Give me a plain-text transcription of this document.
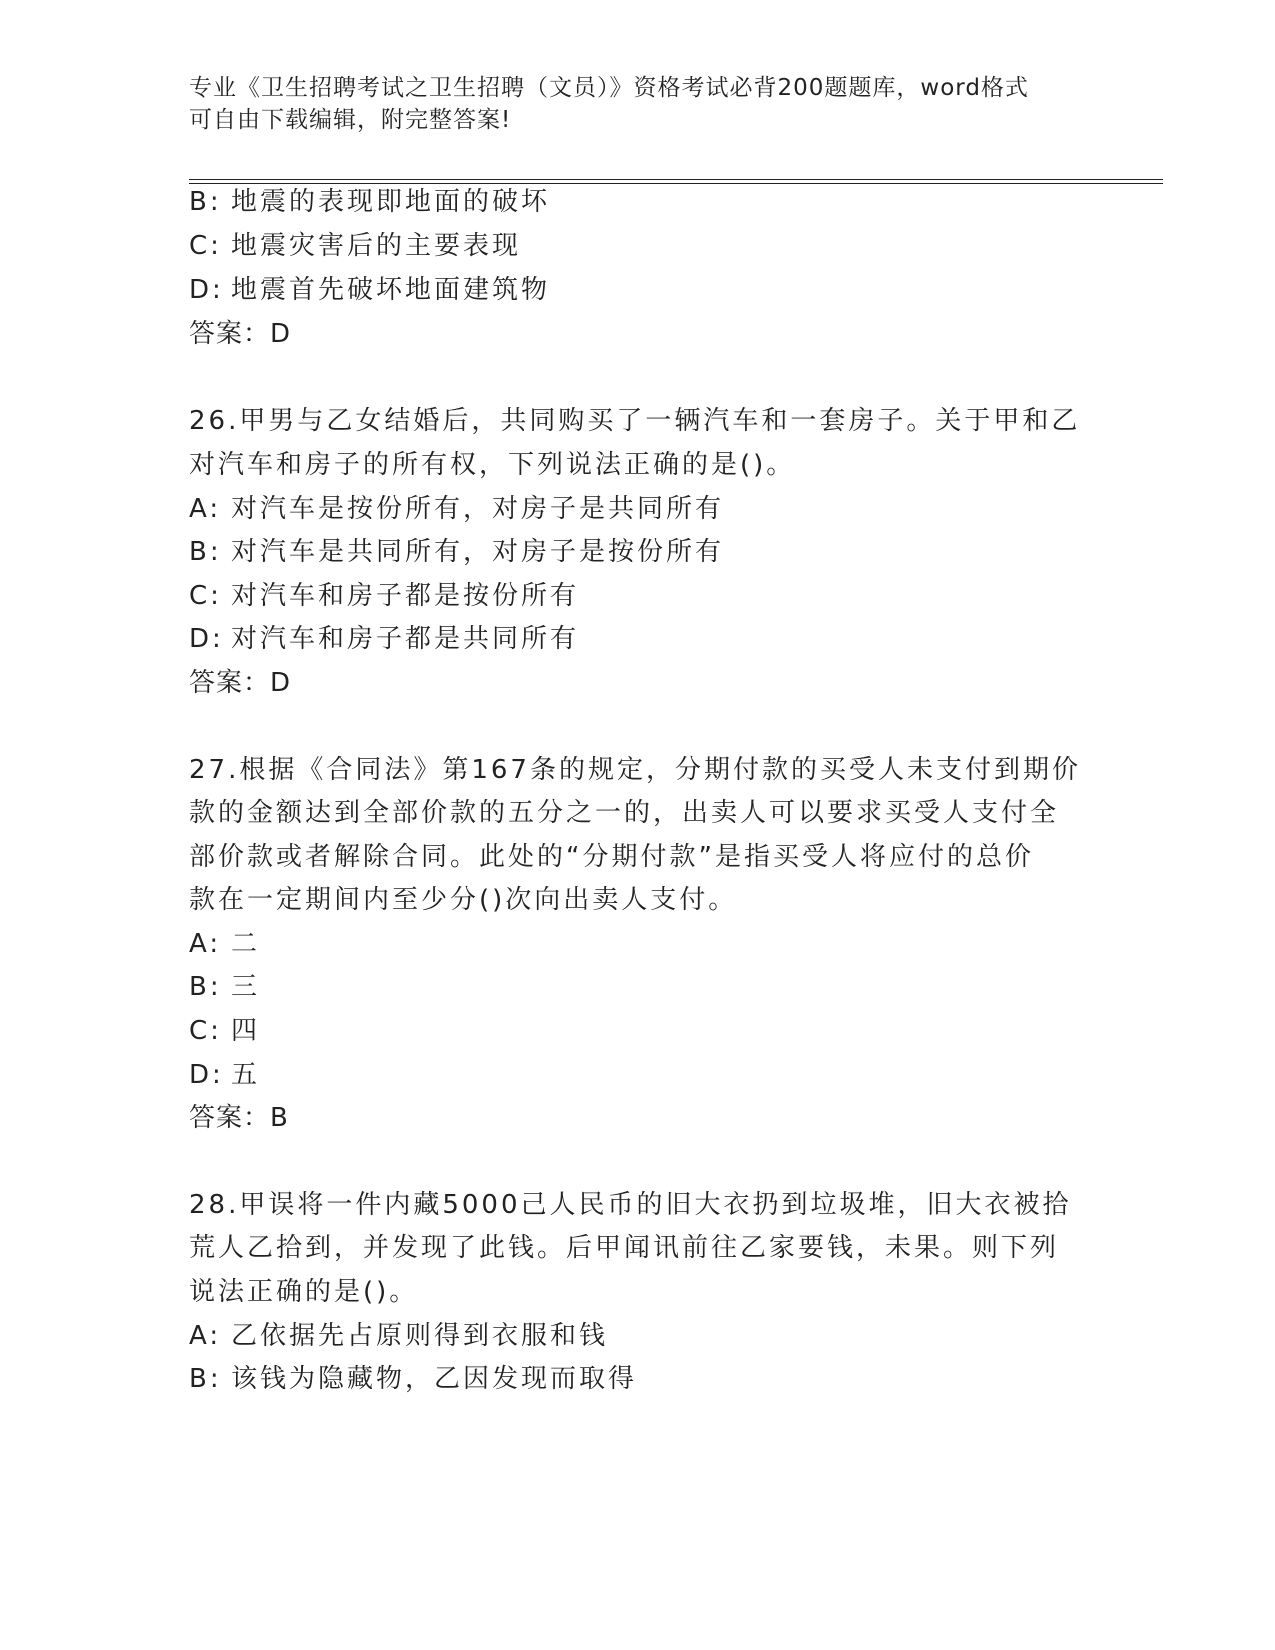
专业《卫生招聘考试之卫生招聘（文员）》资格考试必背200题题库，word格式
可自由下载编辑，附完整答案!
B: 地震的表现即地面的破坏
C: 地震灾害后的主要表现
D: 地震首先破坏地面建筑物
答案：D
26.甲男与乙女结婚后，共同购买了一辆汽车和一套房子。关于甲和乙
对汽车和房子的所有权，下列说法正确的是()。
A: 对汽车是按份所有，对房子是共同所有
B: 对汽车是共同所有，对房子是按份所有
C: 对汽车和房子都是按份所有
D: 对汽车和房子都是共同所有
答案：D
27.根据《合同法》第167条的规定，分期付款的买受人未支付到期价
款的金额达到全部价款的五分之一的，出卖人可以要求买受人支付全
部价款或者解除合同。此处的“分期付款”是指买受人将应付的总价
款在一定期间内至少分()次向出卖人支付。
A: 二
B: 三
C: 四
D: 五
答案：B
28.甲误将一件内藏5000己人民币的旧大衣扔到垃圾堆，旧大衣被拾
荒人乙拾到，并发现了此钱。后甲闻讯前往乙家要钱，未果。则下列
说法正确的是()。
A: 乙依据先占原则得到衣服和钱
B: 该钱为隐藏物，乙因发现而取得
